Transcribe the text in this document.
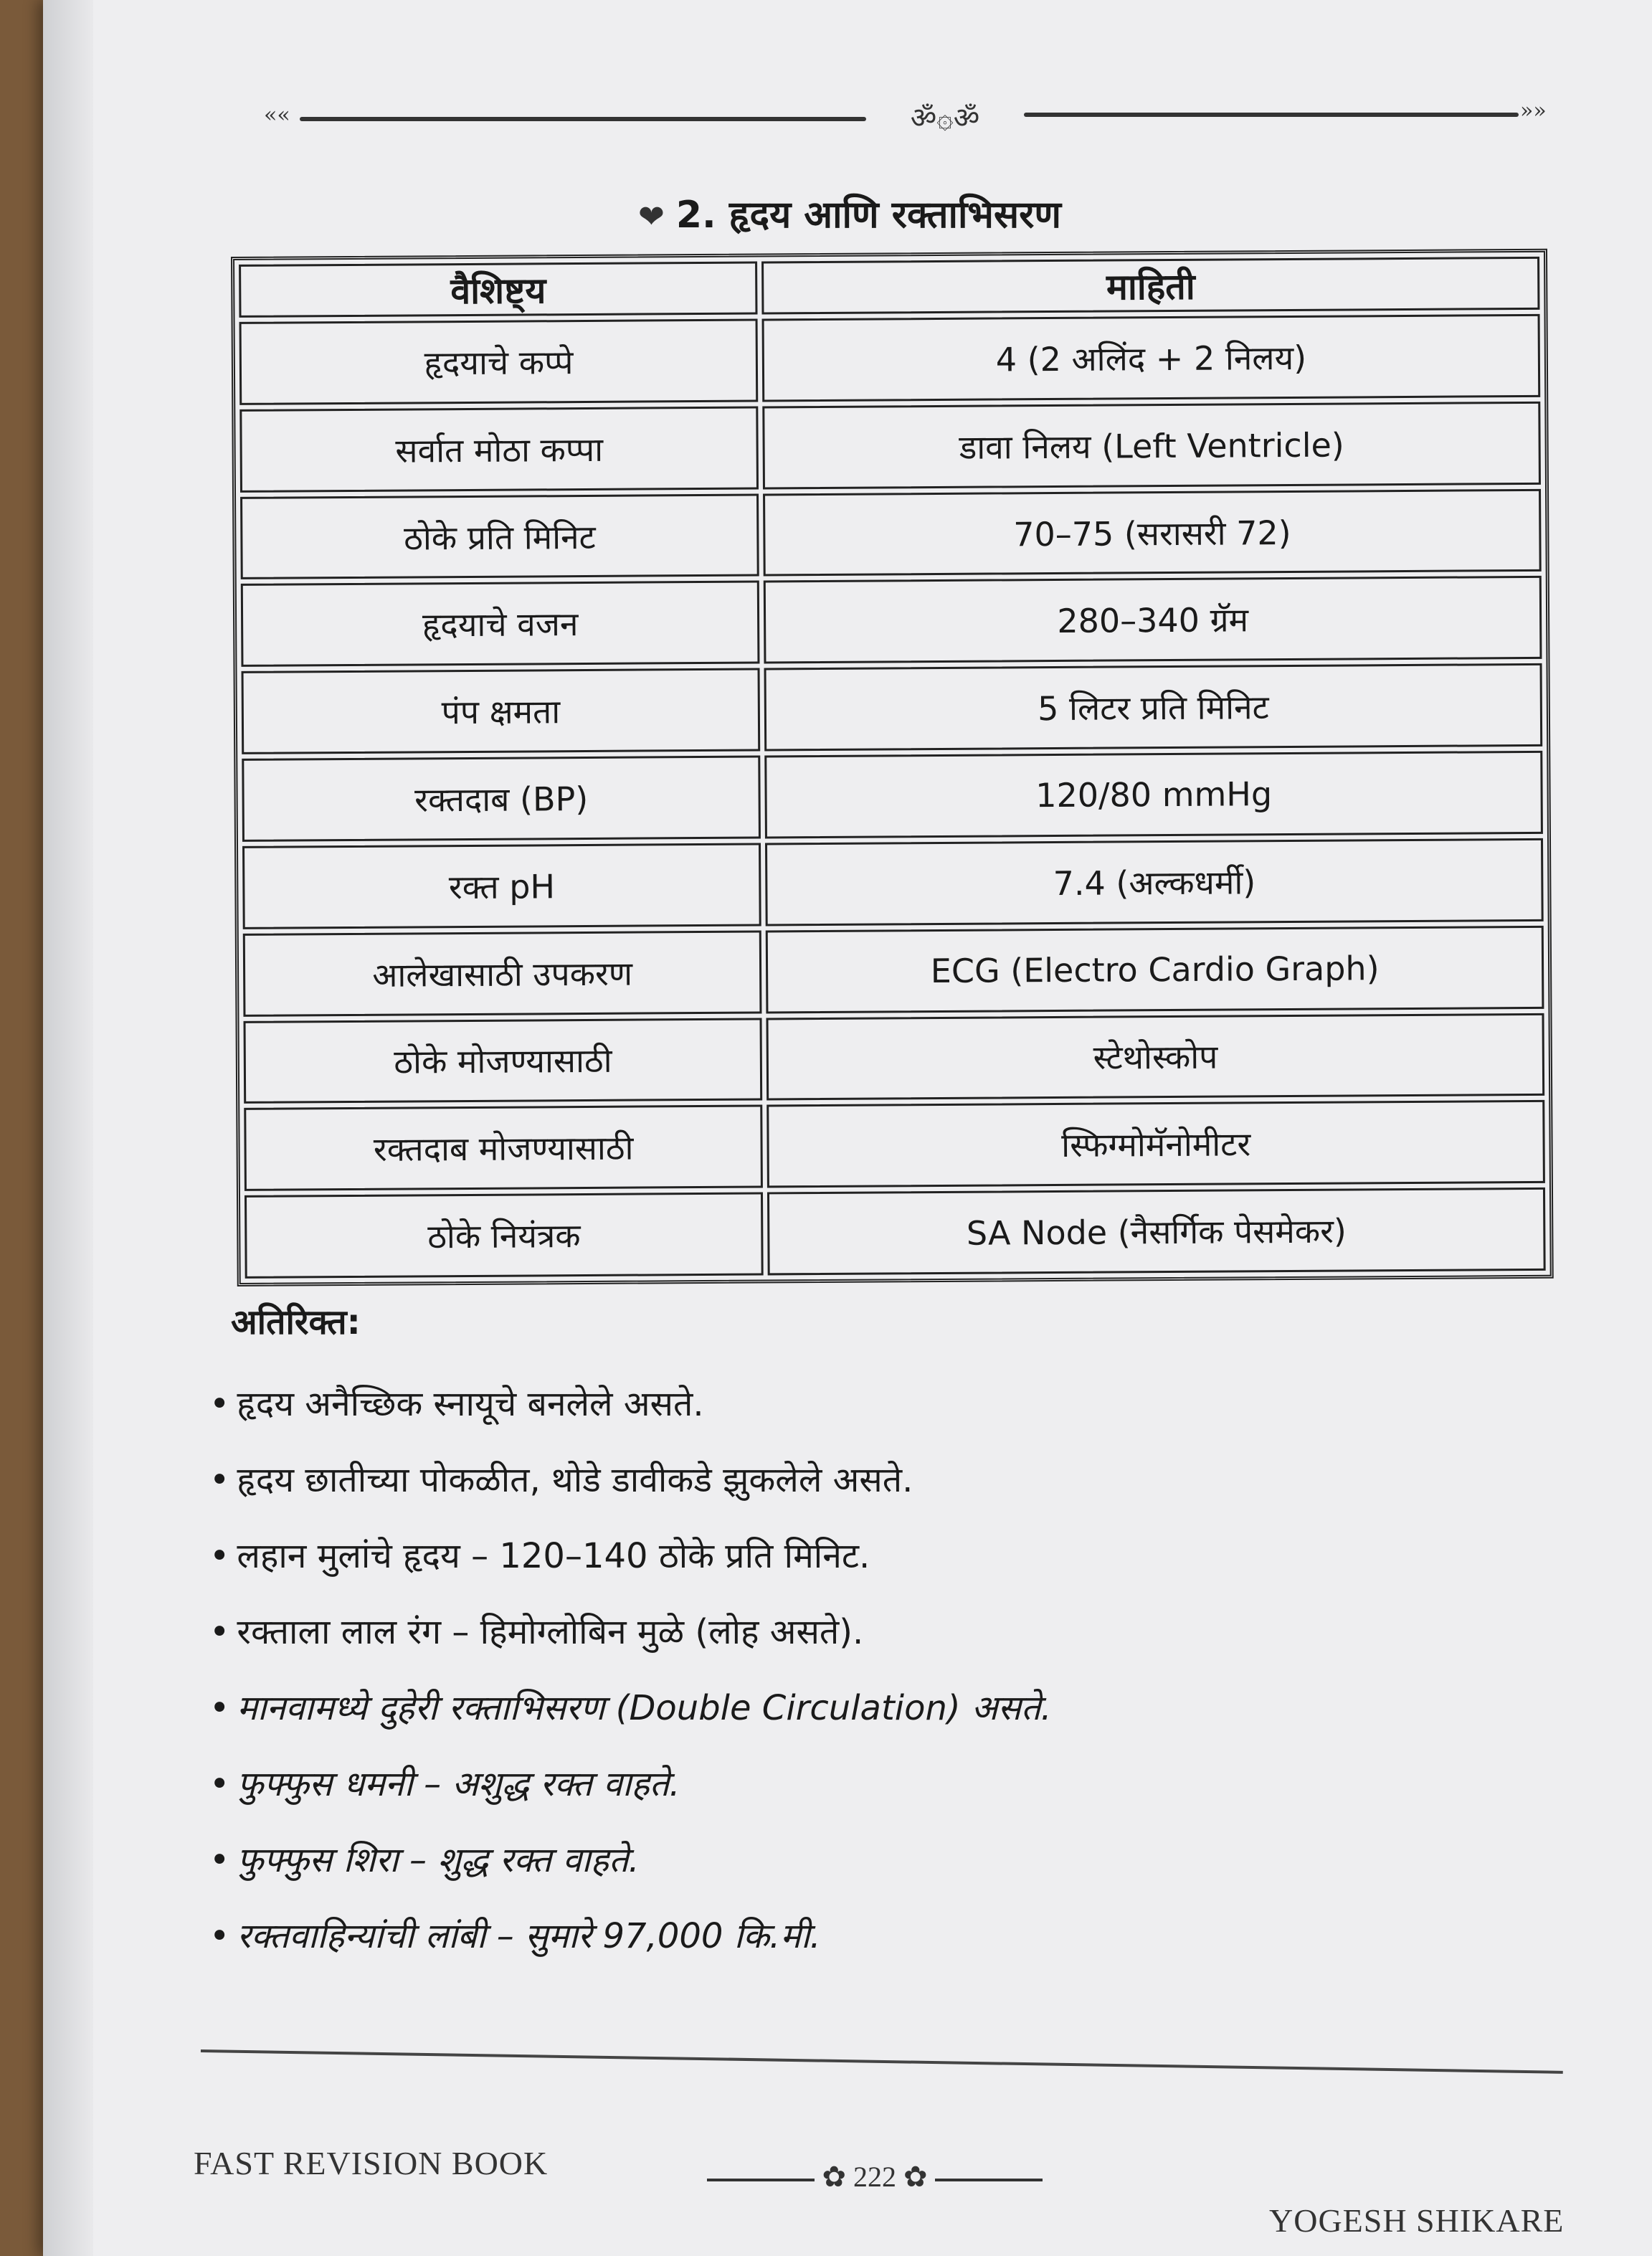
««	ॐ۞ॐ	»»
❤ 2. हृदय आणि रक्ताभिसरण
वैशिष्ट्य	माहिती
हृदयाचे कप्पे	4 (2 अलिंद + 2 निलय)
सर्वात मोठा कप्पा	डावा निलय (Left Ventricle)
ठोके प्रति मिनिट	70–75 (सरासरी 72)
हृदयाचे वजन	280–340 ग्रॅम
पंप क्षमता	5 लिटर प्रति मिनिट
रक्तदाब (BP)	120/80 mmHg
रक्त pH	7.4 (अल्कधर्मी)
आलेखासाठी उपकरण	ECG (Electro Cardio Graph)
ठोके मोजण्यासाठी	स्टेथोस्कोप
रक्तदाब मोजण्यासाठी	स्फिग्मोमॅनोमीटर
ठोके नियंत्रक	SA Node (नैसर्गिक पेसमेकर)
अतिरिक्त:
• हृदय अनैच्छिक स्नायूचे बनलेले असते.
• हृदय छातीच्या पोकळीत, थोडे डावीकडे झुकलेले असते.
• लहान मुलांचे हृदय – 120–140 ठोके प्रति मिनिट.
• रक्ताला लाल रंग – हिमोग्लोबिन मुळे (लोह असते).
• मानवामध्ये दुहेरी रक्ताभिसरण (Double Circulation) असते.
• फुफ्फुस धमनी – अशुद्ध रक्त वाहते.
• फुफ्फुस शिरा – शुद्ध रक्त वाहते.
• रक्तवाहिन्यांची लांबी – सुमारे 97,000 कि.मी.
FAST REVISION BOOK	✿ 222 ✿
YOGESH SHIKARE
